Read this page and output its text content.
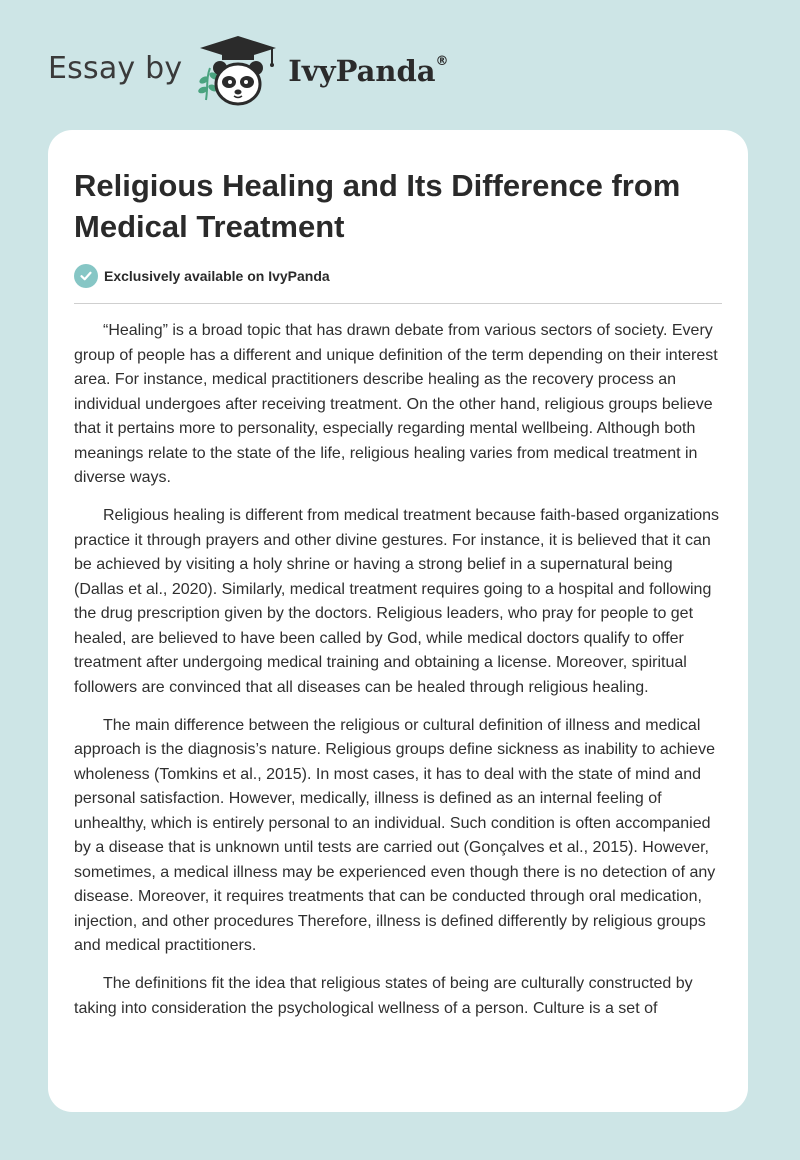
Essay by	IvyPanda®
Religious Healing and Its Difference from Medical Treatment
Exclusively available on IvyPanda

“Healing” is a broad topic that has drawn debate from various sectors of society. Every group of people has a different and unique definition of the term depending on their interest area. For instance, medical practitioners describe healing as the recovery process an individual undergoes after receiving treatment. On the other hand, religious groups believe that it pertains more to personality, especially regarding mental wellbeing. Although both meanings relate to the state of the life, religious healing varies from medical treatment in diverse ways.

Religious healing is different from medical treatment because faith-based organizations practice it through prayers and other divine gestures. For instance, it is believed that it can be achieved by visiting a holy shrine or having a strong belief in a supernatural being (Dallas et al., 2020). Similarly, medical treatment requires going to a hospital and following the drug prescription given by the doctors. Religious leaders, who pray for people to get healed, are believed to have been called by God, while medical doctors qualify to offer treatment after undergoing medical training and obtaining a license. Moreover, spiritual followers are convinced that all diseases can be healed through religious healing.

The main difference between the religious or cultural definition of illness and medical approach is the diagnosis’s nature. Religious groups define sickness as inability to achieve wholeness (Tomkins et al., 2015). In most cases, it has to deal with the state of mind and personal satisfaction. However, medically, illness is defined as an internal feeling of unhealthy, which is entirely personal to an individual. Such condition is often accompanied by a disease that is unknown until tests are carried out (Gonçalves et al., 2015). However, sometimes, a medical illness may be experienced even though there is no detection of any disease. Moreover, it requires treatments that can be conducted through oral medication, injection, and other procedures Therefore, illness is defined differently by religious groups and medical practitioners.

The definitions fit the idea that religious states of being are culturally constructed by taking into consideration the psychological wellness of a person. Culture is a set of
